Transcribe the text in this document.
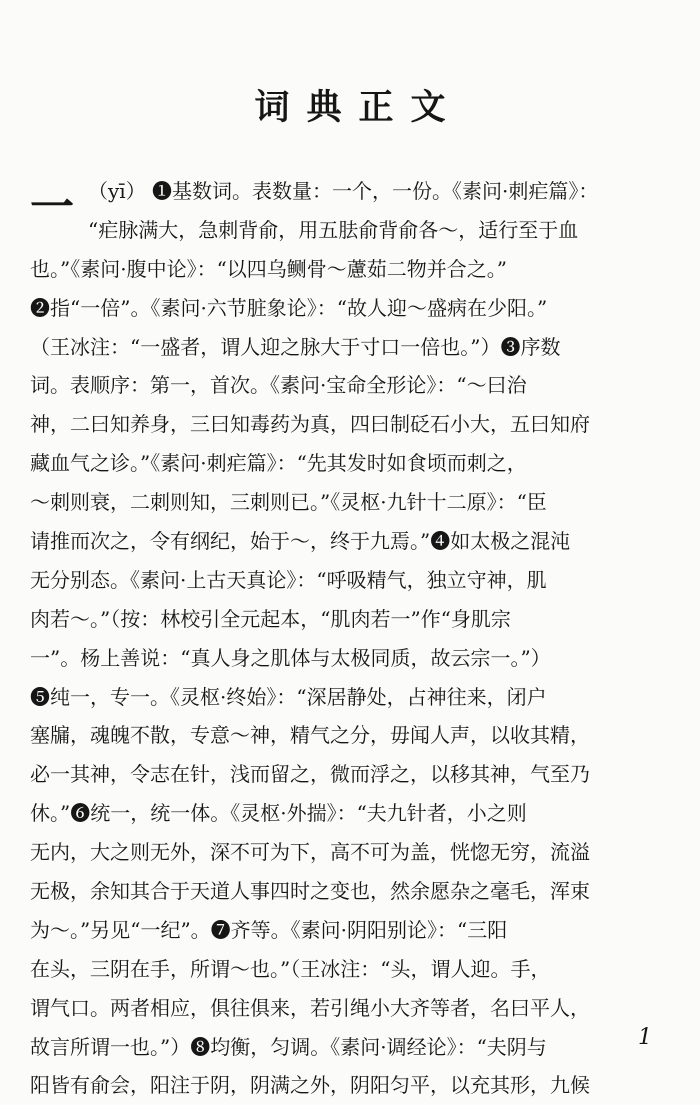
词典正文
一 （yī） ❶基数词。表数量：一个，一份。《素问·刺疟篇》：
“疟脉满大，急刺背俞，用五胠俞背俞各～，适行至于血
也。”《素问·腹中论》：“以四乌鲗骨～藘茹二物并合之。”
❷指“一倍”。《素问·六节脏象论》：“故人迎～盛病在少阳。”
（王冰注：“一盛者，谓人迎之脉大于寸口一倍也。”）❸序数
词。表顺序：第一，首次。《素问·宝命全形论》：“～曰治
神，二曰知养身，三曰知毒药为真，四曰制砭石小大，五曰知府
藏血气之诊。”《素问·刺疟篇》：“先其发时如食顷而刺之，
～刺则衰，二刺则知，三刺则已。”《灵枢·九针十二原》：“臣
请推而次之，令有纲纪，始于～，终于九焉。”❹如太极之混沌
无分别态。《素问·上古天真论》：“呼吸精气，独立守神，肌
肉若～。”（按：林校引全元起本，“肌肉若一”作“身肌宗
一”。杨上善说：“真人身之肌体与太极同质，故云宗一。”）
❺纯一，专一。《灵枢·终始》：“深居静处，占神往来，闭户
塞牖，魂魄不散，专意～神，精气之分，毋闻人声，以收其精，
必一其神，令志在针，浅而留之，微而浮之，以移其神，气至乃
休。”❻统一，统一体。《灵枢·外揣》：“夫九针者，小之则
无内，大之则无外，深不可为下，高不可为盖，恍惚无穷，流溢
无极，余知其合于天道人事四时之变也，然余愿杂之毫毛，浑束
为～。”另见“一纪”。❼齐等。《素问·阴阳别论》：“三阳
在头，三阴在手，所谓～也。”（王冰注：“头，谓人迎。手，
谓气口。两者相应，俱往俱来，若引绳小大齐等者，名曰平人，
故言所谓一也。”）❽均衡，匀调。《素问·调经论》：“夫阴与
阳皆有俞会，阳注于阴，阴满之外，阴阳匀平，以充其形，九候
1
